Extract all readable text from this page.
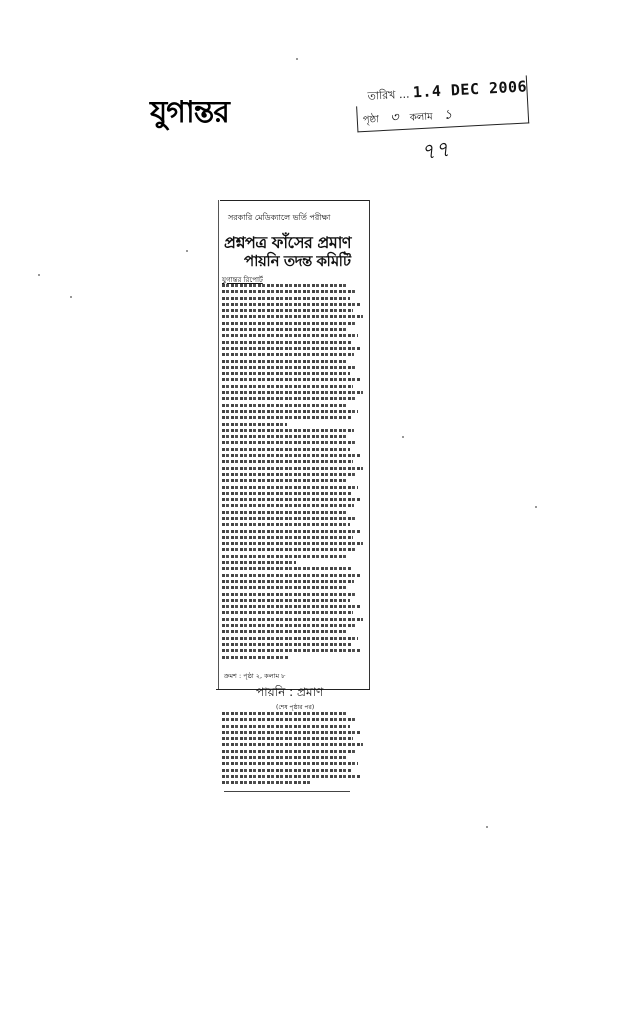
যুগান্তর	তারিখ ... 1.4 DEC 2006
পৃষ্ঠা ৩ কলাম ১
৭৭
সরকারি মেডিক্যালে ভর্তি পরীক্ষা
প্রশ্নপত্র ফাঁসের প্রমাণ
পায়নি তদন্ত কমিটি
যুগান্তর রিপোর্ট
ক্রমশ : পৃষ্ঠা ২, কলাম ৮
পায়নি : প্রমাণ
(শেষ পৃষ্ঠার পর)
